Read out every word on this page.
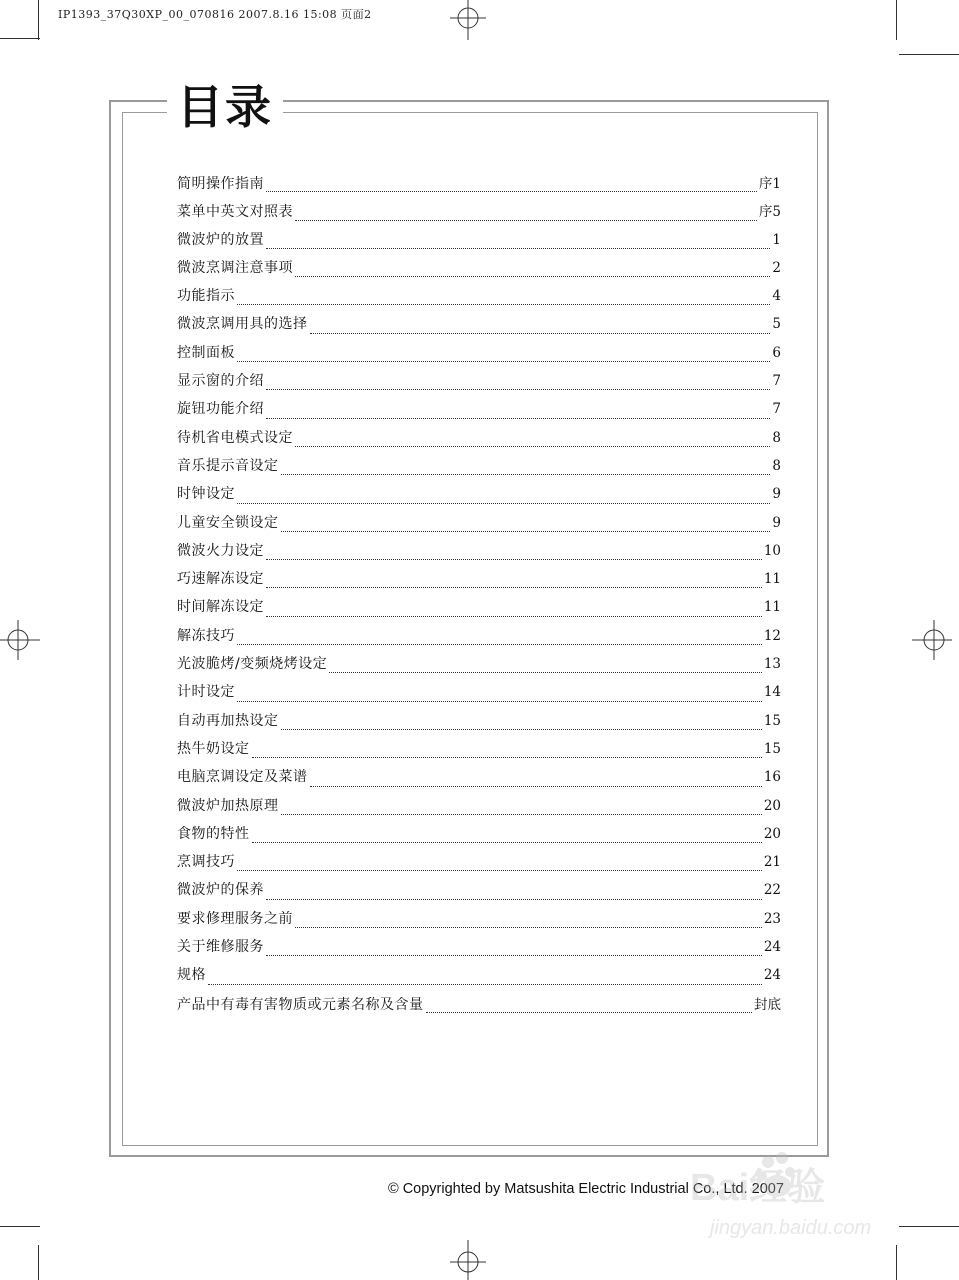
IP1393_37Q30XP_00_070816 2007.8.16 15:08 页面2
目录
简明操作指南	序1
菜单中英文对照表	序5
微波炉的放置	1
微波烹调注意事项	2
功能指示	4
微波烹调用具的选择	5
控制面板	6
显示窗的介绍	7
旋钮功能介绍	7
待机省电模式设定	8
音乐提示音设定	8
时钟设定	9
儿童安全锁设定	9
微波火力设定	10
巧速解冻设定	11
时间解冻设定	11
解冻技巧	12
光波脆烤/变频烧烤设定	13
计时设定	14
自动再加热设定	15
热牛奶设定	15
电脑烹调设定及菜谱	16
微波炉加热原理	20
食物的特性	20
烹调技巧	21
微波炉的保养	22
要求修理服务之前	23
关于维修服务	24
规格	24
产品中有毒有害物质或元素名称及含量	封底
© Copyrighted by Matsushita Electric Industrial Co., Ltd. 2007
Bai经验
jingyan.baidu.com
